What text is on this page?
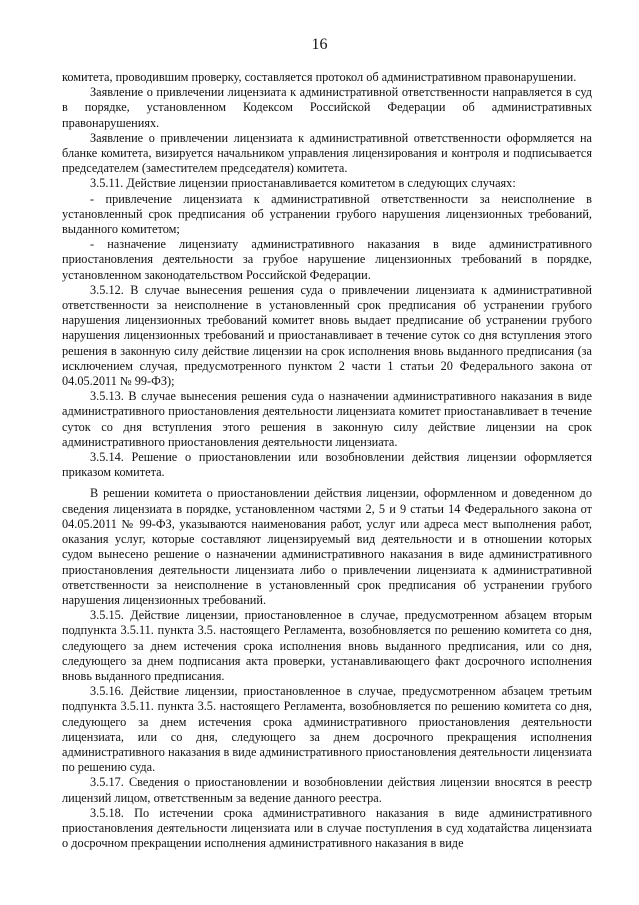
16

комитета, проводившим проверку, составляется протокол об административном правонарушении.

Заявление о привлечении лицензиата к административной ответственности направляется в суд в порядке, установленном Кодексом Российской Федерации об административных правонарушениях.

Заявление о привлечении лицензиата к административной ответственности оформляется на бланке комитета, визируется начальником управления лицензирования и контроля и подписывается председателем (заместителем председателя) комитета.

3.5.11. Действие лицензии приостанавливается комитетом в следующих случаях:

- привлечение лицензиата к административной ответственности за неисполнение в установленный срок предписания об устранении грубого нарушения лицензионных требований, выданного комитетом;

- назначение лицензиату административного наказания в виде административного приостановления деятельности за грубое нарушение лицензионных требований в порядке, установленном законодательством Российской Федерации.

3.5.12. В случае вынесения решения суда о привлечении лицензиата к административной ответственности за неисполнение в установленный срок предписания об устранении грубого нарушения лицензионных требований комитет вновь выдает предписание об устранении грубого нарушения лицензионных требований и приостанавливает в течение суток со дня вступления этого решения в законную силу действие лицензии на срок исполнения вновь выданного предписания (за исключением случая, предусмотренного пунктом 2 части 1 статьи 20 Федерального закона от 04.05.2011 № 99-ФЗ);

3.5.13. В случае вынесения решения суда о назначении административного наказания в виде административного приостановления деятельности лицензиата комитет приостанавливает в течение суток со дня вступления этого решения в законную силу действие лицензии на срок административного приостановления деятельности лицензиата.

3.5.14. Решение о приостановлении или возобновлении действия лицензии оформляется приказом комитета.

В решении комитета о приостановлении действия лицензии, оформленном и доведенном до сведения лицензиата в порядке, установленном частями 2, 5 и 9 статьи 14 Федерального закона от 04.05.2011 № 99-ФЗ, указываются наименования работ, услуг или адреса мест выполнения работ, оказания услуг, которые составляют лицензируемый вид деятельности и в отношении которых судом вынесено решение о назначении административного наказания в виде административного приостановления деятельности лицензиата либо о привлечении лицензиата к административной ответственности за неисполнение в установленный срок предписания об устранении грубого нарушения лицензионных требований.

3.5.15. Действие лицензии, приостановленное в случае, предусмотренном абзацем вторым подпункта 3.5.11. пункта 3.5. настоящего Регламента, возобновляется по решению комитета со дня, следующего за днем истечения срока исполнения вновь выданного предписания, или со дня, следующего за днем подписания акта проверки, устанавливающего факт досрочного исполнения вновь выданного предписания.

3.5.16. Действие лицензии, приостановленное в случае, предусмотренном абзацем третьим подпункта 3.5.11. пункта 3.5. настоящего Регламента, возобновляется по решению комитета со дня, следующего за днем истечения срока административного приостановления деятельности лицензиата, или со дня, следующего за днем досрочного прекращения исполнения административного наказания в виде административного приостановления деятельности лицензиата по решению суда.

3.5.17. Сведения о приостановлении и возобновлении действия лицензии вносятся в реестр лицензий лицом, ответственным за ведение данного реестра.

3.5.18. По истечении срока административного наказания в виде административного приостановления деятельности лицензиата или в случае поступления в суд ходатайства лицензиата о досрочном прекращении исполнения административного наказания в виде
